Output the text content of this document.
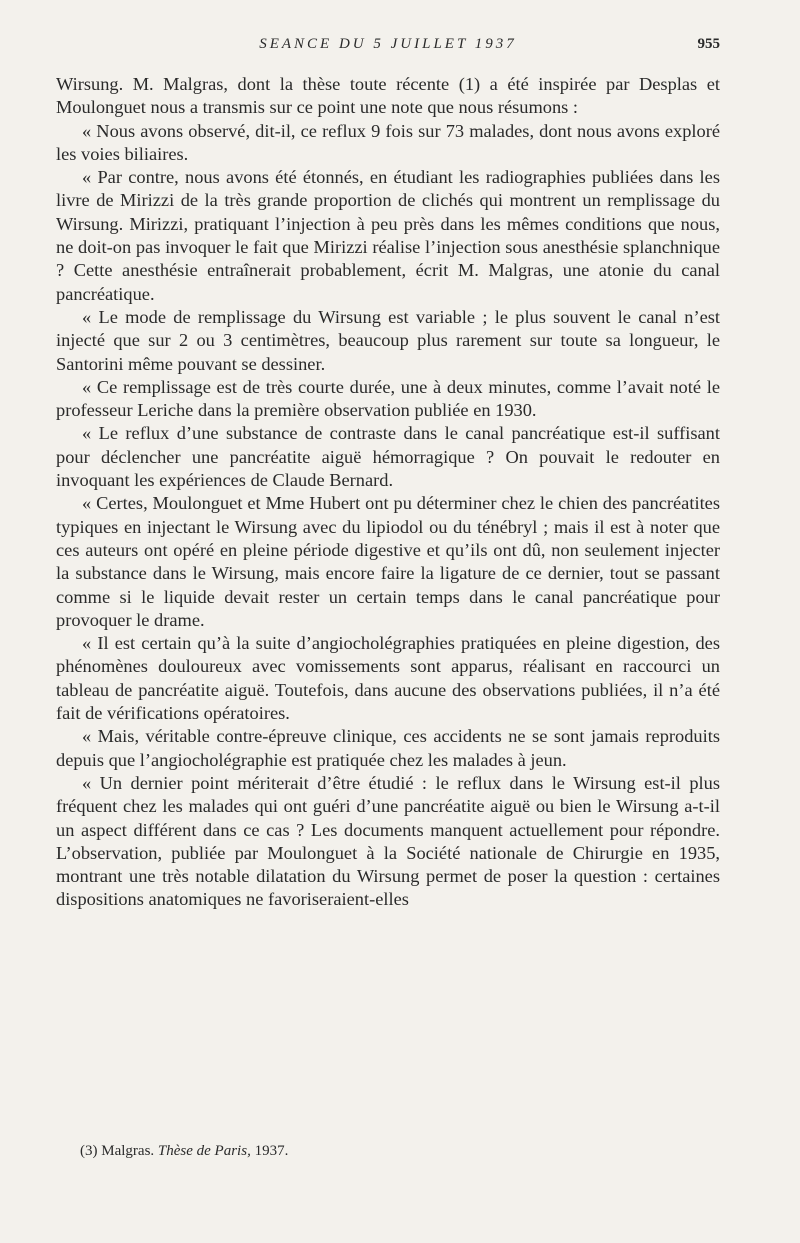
SEANCE DU 5 JUILLET 1937	955

Wirsung. M. Malgras, dont la thèse toute récente (1) a été inspirée par Desplas et Moulonguet nous a transmis sur ce point une note que nous résumons :

« Nous avons observé, dit-il, ce reflux 9 fois sur 73 malades, dont nous avons exploré les voies biliaires.

« Par contre, nous avons été étonnés, en étudiant les radiographies publiées dans les livre de Mirizzi de la très grande proportion de clichés qui montrent un remplissage du Wirsung. Mirizzi, pratiquant l’injection à peu près dans les mêmes conditions que nous, ne doit-on pas invoquer le fait que Mirizzi réalise l’injection sous anesthésie splanchnique ? Cette anesthésie entraînerait probablement, écrit M. Malgras, une atonie du canal pancréatique.

« Le mode de remplissage du Wirsung est variable ; le plus souvent le canal n’est injecté que sur 2 ou 3 centimètres, beaucoup plus rarement sur toute sa longueur, le Santorini même pouvant se dessiner.

« Ce remplissage est de très courte durée, une à deux minutes, comme l’avait noté le professeur Leriche dans la première observation publiée en 1930.

« Le reflux d’une substance de contraste dans le canal pancréatique est-il suffisant pour déclencher une pancréatite aiguë hémorragique ? On pouvait le redouter en invoquant les expériences de Claude Bernard.

« Certes, Moulonguet et Mme Hubert ont pu déterminer chez le chien des pancréatites typiques en injectant le Wirsung avec du lipiodol ou du ténébryl ; mais il est à noter que ces auteurs ont opéré en pleine période digestive et qu’ils ont dû, non seulement injecter la substance dans le Wirsung, mais encore faire la ligature de ce dernier, tout se passant comme si le liquide devait rester un certain temps dans le canal pancréatique pour provoquer le drame.

« Il est certain qu’à la suite d’angiocholégraphies pratiquées en pleine digestion, des phénomènes douloureux avec vomissements sont apparus, réalisant en raccourci un tableau de pancréatite aiguë. Toutefois, dans aucune des observations publiées, il n’a été fait de vérifications opératoires.

« Mais, véritable contre-épreuve clinique, ces accidents ne se sont jamais reproduits depuis que l’angiocholégraphie est pratiquée chez les malades à jeun.

« Un dernier point mériterait d’être étudié : le reflux dans le Wirsung est-il plus fréquent chez les malades qui ont guéri d’une pancréatite aiguë ou bien le Wirsung a-t-il un aspect différent dans ce cas ? Les documents manquent actuellement pour répondre. L’observation, publiée par Moulonguet à la Société nationale de Chirurgie en 1935, montrant une très notable dilatation du Wirsung permet de poser la question : certaines dispositions anatomiques ne favoriseraient-elles

(3) Malgras. Thèse de Paris, 1937.
